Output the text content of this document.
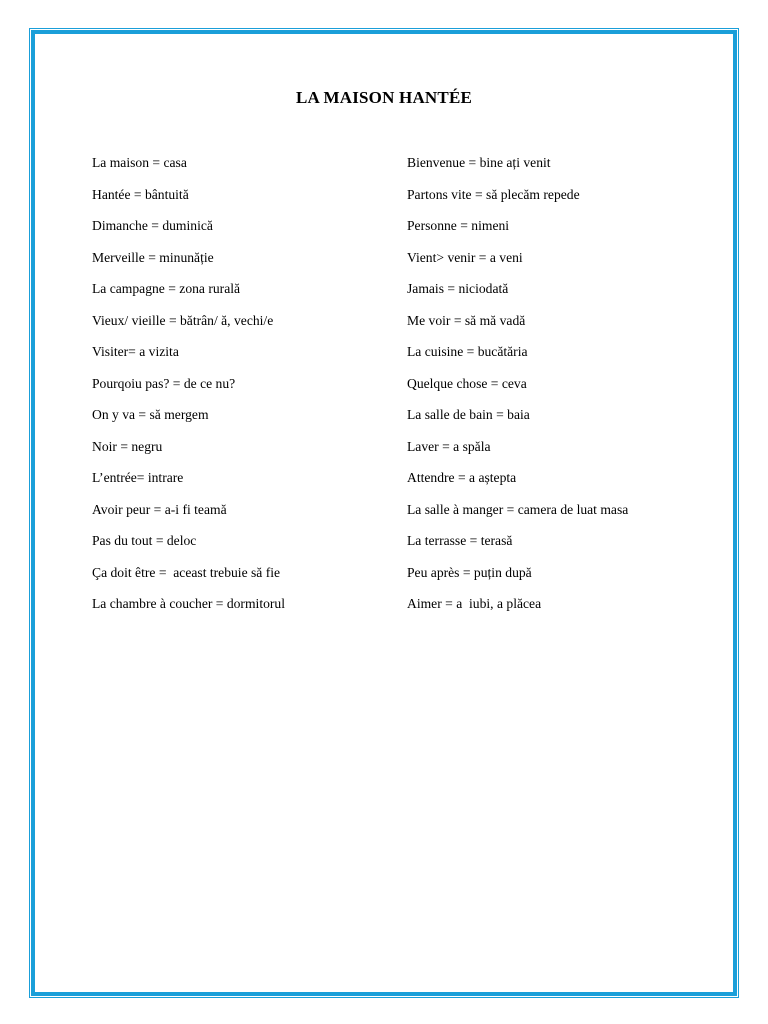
LA MAISON HANTÉE
La maison = casa
Hantée = bântuită
Dimanche = duminică
Merveille = minunăție
La campagne = zona rurală
Vieux/ vieille = bătrân/ ă, vechi/e
Visiter= a vizita
Pourqoiu pas? = de ce nu?
On y va = să mergem
Noir = negru
L’entrée= intrare
Avoir peur = a-i fi teamă
Pas du tout = deloc
Ça doit être =  aceast trebuie să fie
La chambre à coucher = dormitorul
Bienvenue = bine ați venit
Partons vite = să plecăm repede
Personne = nimeni
Vient> venir = a veni
Jamais = niciodată
Me voir = să mă vadă
La cuisine = bucătăria
Quelque chose = ceva
La salle de bain = baia
Laver = a spăla
Attendre = a aștepta
La salle à manger = camera de luat masa
La terrasse = terasă
Peu après = puțin după
Aimer = a  iubi, a plăcea
